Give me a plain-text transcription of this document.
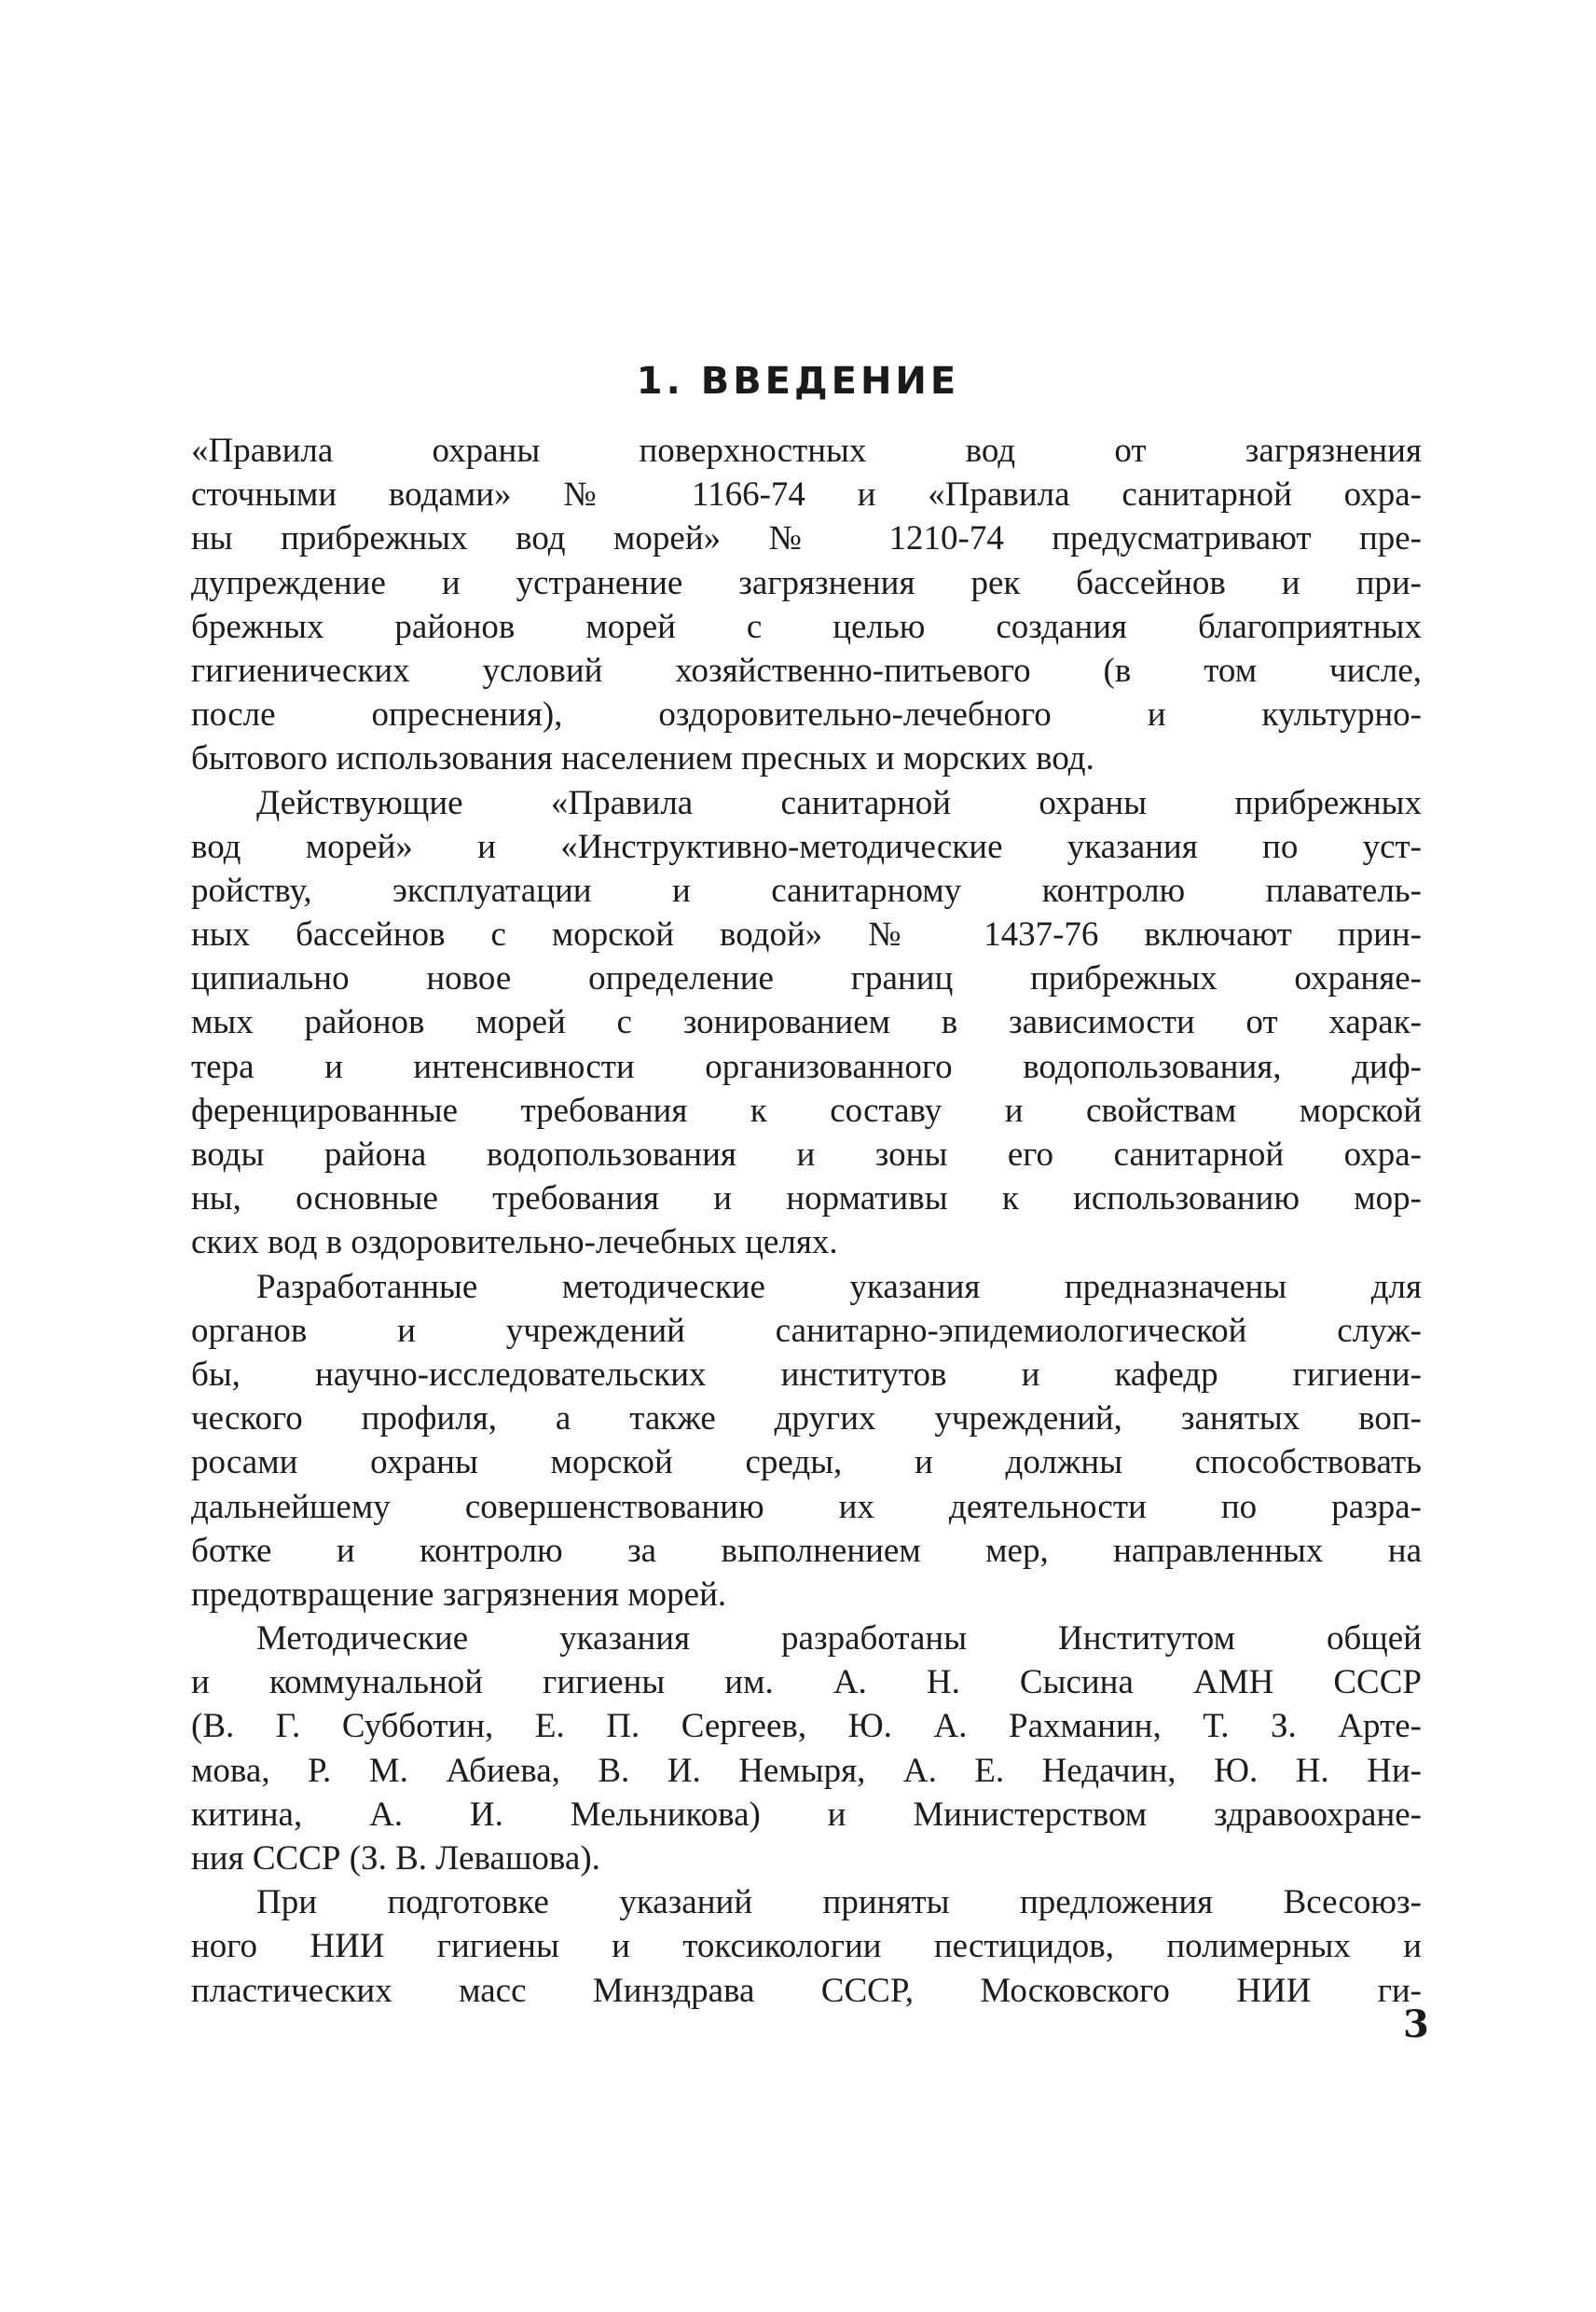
1. ВВЕДЕНИЕ
«Правила охраны поверхностных вод от загрязнения
сточными водами» № 1166-74 и «Правила санитарной охра-
ны прибрежных вод морей» № 1210-74 предусматривают пре-
дупреждение и устранение загрязнения рек бассейнов и при-
брежных районов морей с целью создания благоприятных
гигиенических условий хозяйственно-питьевого (в том числе,
после опреснения), оздоровительно-лечебного и культурно-
бытового использования населением пресных и морских вод.
Действующие «Правила санитарной охраны прибрежных
вод морей» и «Инструктивно-методические указания по уст-
ройству, эксплуатации и санитарному контролю плаватель-
ных бассейнов с морской водой» № 1437-76 включают прин-
ципиально новое определение границ прибрежных охраняе-
мых районов морей с зонированием в зависимости от харак-
тера и интенсивности организованного водопользования, диф-
ференцированные требования к составу и свойствам морской
воды района водопользования и зоны его санитарной охра-
ны, основные требования и нормативы к использованию мор-
ских вод в оздоровительно-лечебных целях.
Разработанные методические указания предназначены для
органов и учреждений санитарно-эпидемиологической служ-
бы, научно-исследовательских институтов и кафедр гигиени-
ческого профиля, а также других учреждений, занятых воп-
росами охраны морской среды, и должны способствовать
дальнейшему совершенствованию их деятельности по разра-
ботке и контролю за выполнением мер, направленных на
предотвращение загрязнения морей.
Методические указания разработаны Институтом общей
и коммунальной гигиены им. А. Н. Сысина АМН СССР
(В. Г. Субботин, Е. П. Сергеев, Ю. А. Рахманин, Т. З. Арте-
мова, Р. М. Абиева, В. И. Немыря, А. Е. Недачин, Ю. Н. Ни-
китина, А. И. Мельникова) и Министерством здравоохране-
ния СССР (З. В. Левашова).
При подготовке указаний приняты предложения Всесоюз-
ного НИИ гигиены и токсикологии пестицидов, полимерных и
пластических масс Минздрава СССР, Московского НИИ ги-
3
